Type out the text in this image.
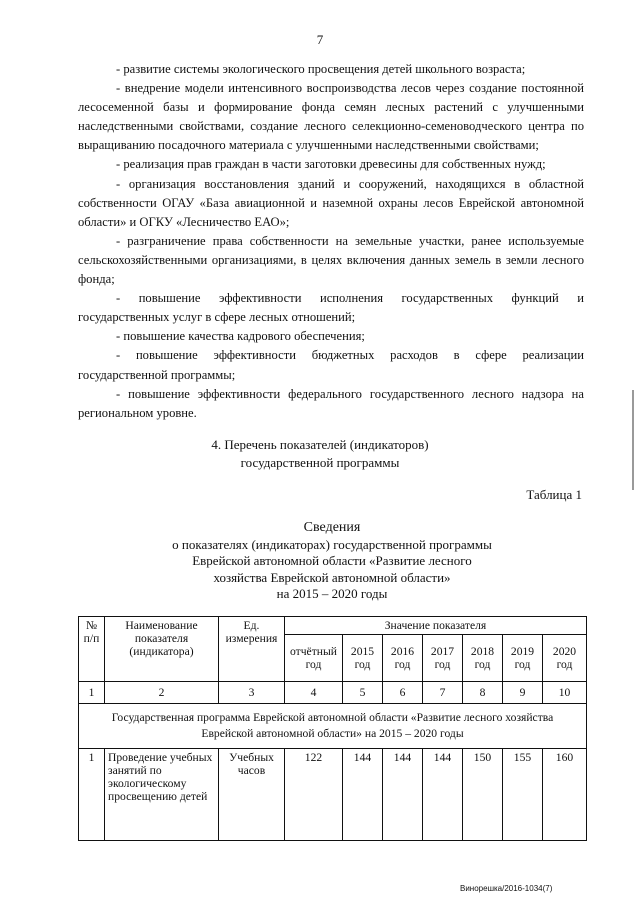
7

- развитие системы экологического просвещения детей школьного возраста;

- внедрение модели интенсивного воспроизводства лесов через создание постоянной лесосеменной базы и формирование фонда семян лесных растений с улучшенными наследственными свойствами, создание лесного селекционно-семеноводческого центра по выращиванию посадочного материала с улучшенными наследственными свойствами;

- реализация прав граждан в части заготовки древесины для собственных нужд;

- организация восстановления зданий и сооружений, находящихся в областной собственности ОГАУ «База авиационной и наземной охраны лесов Еврейской автономной области» и ОГКУ «Лесничество ЕАО»;

- разграничение права собственности на земельные участки, ранее используемые сельскохозяйственными организациями, в целях включения данных земель в земли лесного фонда;

- повышение эффективности исполнения государственных функций и государственных услуг в сфере лесных отношений;

- повышение качества кадрового обеспечения;

- повышение эффективности бюджетных расходов в сфере реализации государственной программы;

- повышение эффективности федерального государственного лесного надзора на региональном уровне.

4. Перечень показателей (индикаторов)
государственной программы
Таблица 1
Сведения
о показателях (индикаторах) государственной программы
Еврейской автономной области «Развитие лесного
хозяйства Еврейской автономной области»
на 2015 – 2020 годы
№ п/п	Наименование показателя (индикатора)	Ед. измерения	Значение показателя						
			отчётный год	2015 год	2016 год	2017 год	2018 год	2019 год	2020 год
1	2	3	4	5	6	7	8	9	10
Государственная программа Еврейской автономной области «Развитие лесного хозяйства Еврейской автономной области» на 2015 – 2020 годы									
1	Проведение учебных занятий по экологическому просвещению детей	Учебных часов	122	144	144	144	150	155	160
Винорешка/2016-1034(7)
